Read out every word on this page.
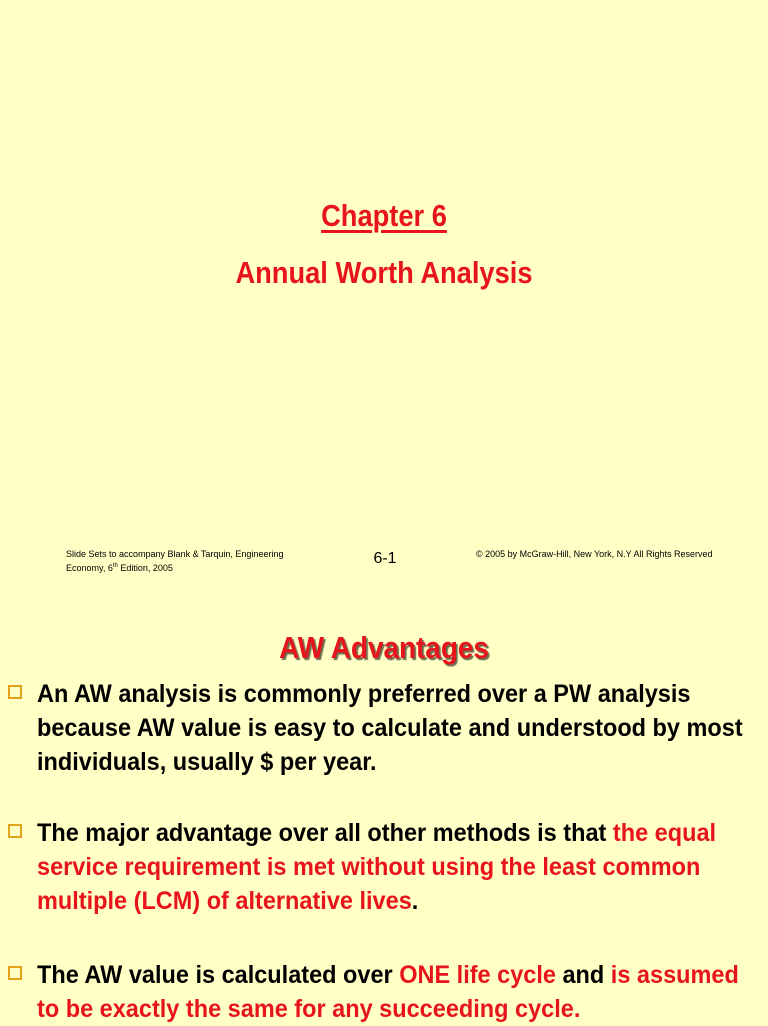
Chapter 6
Annual Worth Analysis
Slide Sets to accompany Blank & Tarquin, Engineering
Economy, 6th Edition, 2005
6-1	© 2005 by McGraw-Hill, New York, N.Y All Rights Reserved
AW Advantages
An AW analysis is commonly preferred over a PW analysis
because AW value is easy to calculate and understood by most
individuals, usually $ per year.
The major advantage over all other methods is that the equal
service requirement is met without using the least common
multiple (LCM) of alternative lives.
The AW value is calculated over ONE life cycle and is assumed
to be exactly the same for any succeeding cycle.
